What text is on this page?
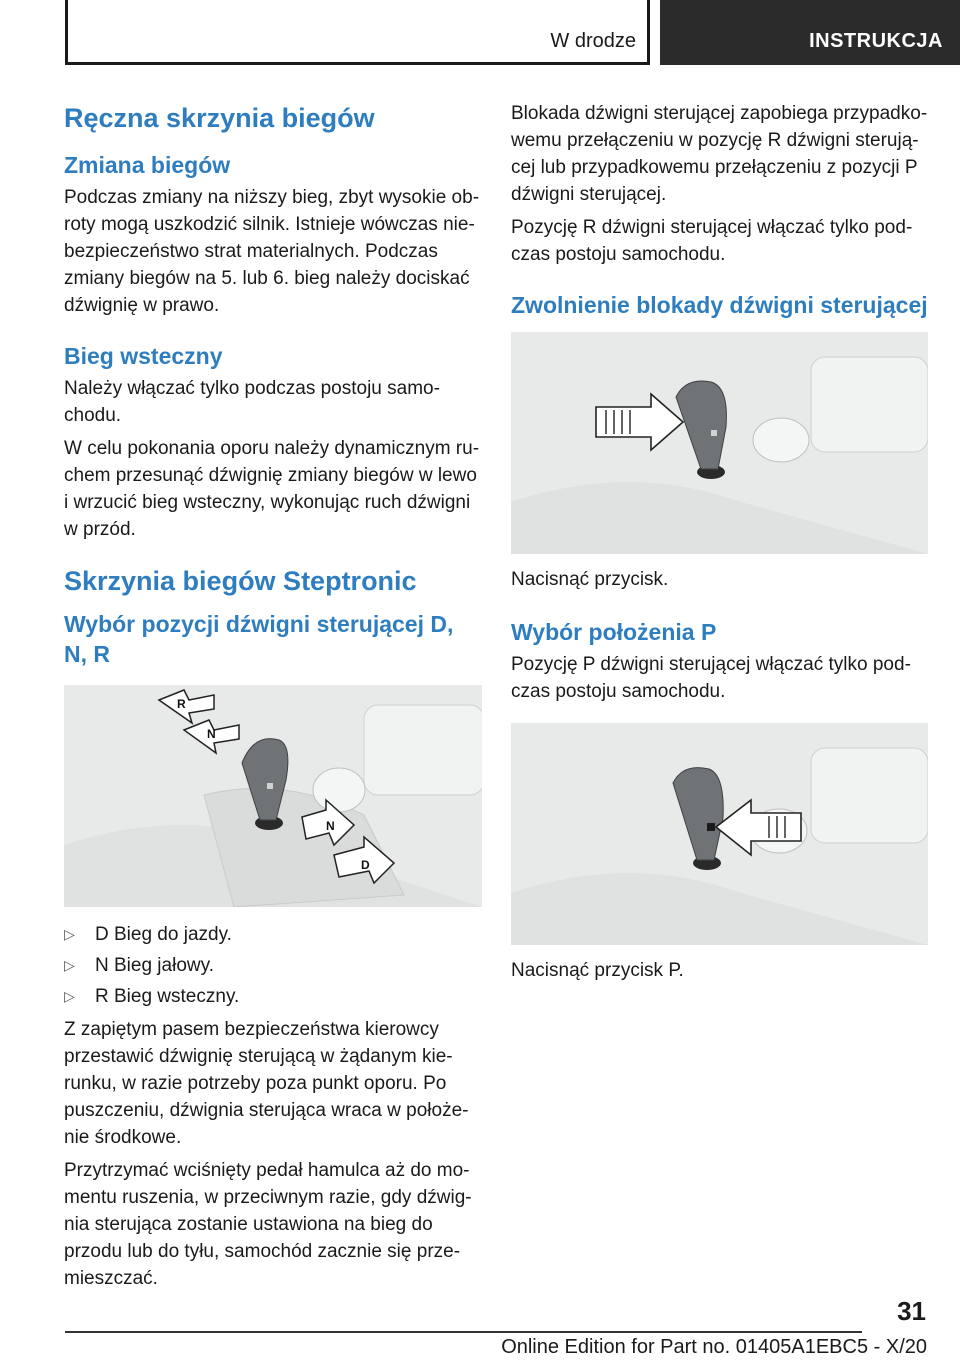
W drodze	INSTRUKCJA
Ręczna skrzynia biegów
Zmiana biegów

Podczas zmiany na niższy bieg, zbyt wysokie obroty mogą uszkodzić silnik. Istnieje wówczas niebezpieczeństwo strat materialnych. Podczas zmiany biegów na 5. lub 6. bieg należy dociskać dźwignię w prawo.

Bieg wsteczny

Należy włączać tylko podczas postoju samochodu.

W celu pokonania oporu należy dynamicznym ruchem przesunąć dźwignię zmiany biegów w lewo i wrzucić bieg wsteczny, wykonując ruch dźwigni w przód.

Skrzynia biegów Steptronic
Wybór pozycji dźwigni sterującej D, N, R
R
N
N
D
▷ D Bieg do jazdy.
▷ N Bieg jałowy.
▷ R Bieg wsteczny.

Z zapiętym pasem bezpieczeństwa kierowcy przestawić dźwignię sterującą w żądanym kierunku, w razie potrzeby poza punkt oporu. Po puszczeniu, dźwignia sterująca wraca w położenie środkowe.

Przytrzymać wciśnięty pedał hamulca aż do momentu ruszenia, w przeciwnym razie, gdy dźwignia sterująca zostanie ustawiona na bieg do przodu lub do tyłu, samochód zacznie się przemieszczać.

Blokada dźwigni sterującej zapobiega przypadkowemu przełączeniu w pozycję R dźwigni sterującej lub przypadkowemu przełączeniu z pozycji P dźwigni sterującej.

Pozycję R dźwigni sterującej włączać tylko podczas postoju samochodu.

Zwolnienie blokady dźwigni sterującej

Nacisnąć przycisk.

Wybór położenia P

Pozycję P dźwigni sterującej włączać tylko podczas postoju samochodu.

Nacisnąć przycisk P.

31
Online Edition for Part no. 01405A1EBC5 - X/20
